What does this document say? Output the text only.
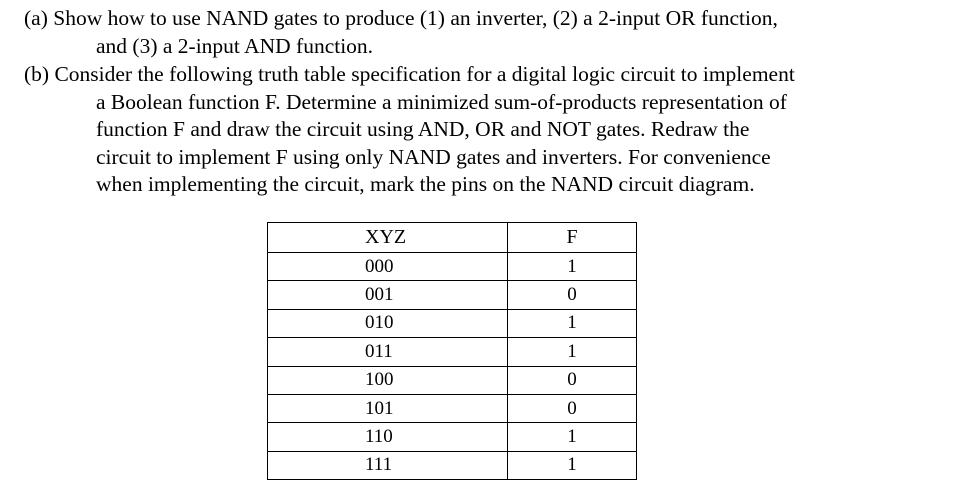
(a) Show how to use NAND gates to produce (1) an inverter, (2) a 2-input OR function,
and (3) a 2-input AND function.
(b) Consider the following truth table specification for a digital logic circuit to implement
a Boolean function F. Determine a minimized sum-of-products representation of
function F and draw the circuit using AND, OR and NOT gates. Redraw the
circuit to implement F using only NAND gates and inverters. For convenience
when implementing the circuit, mark the pins on the NAND circuit diagram.
XYZ	F
000	1
001	0
010	1
011	1
100	0
101	0
110	1
111	1
